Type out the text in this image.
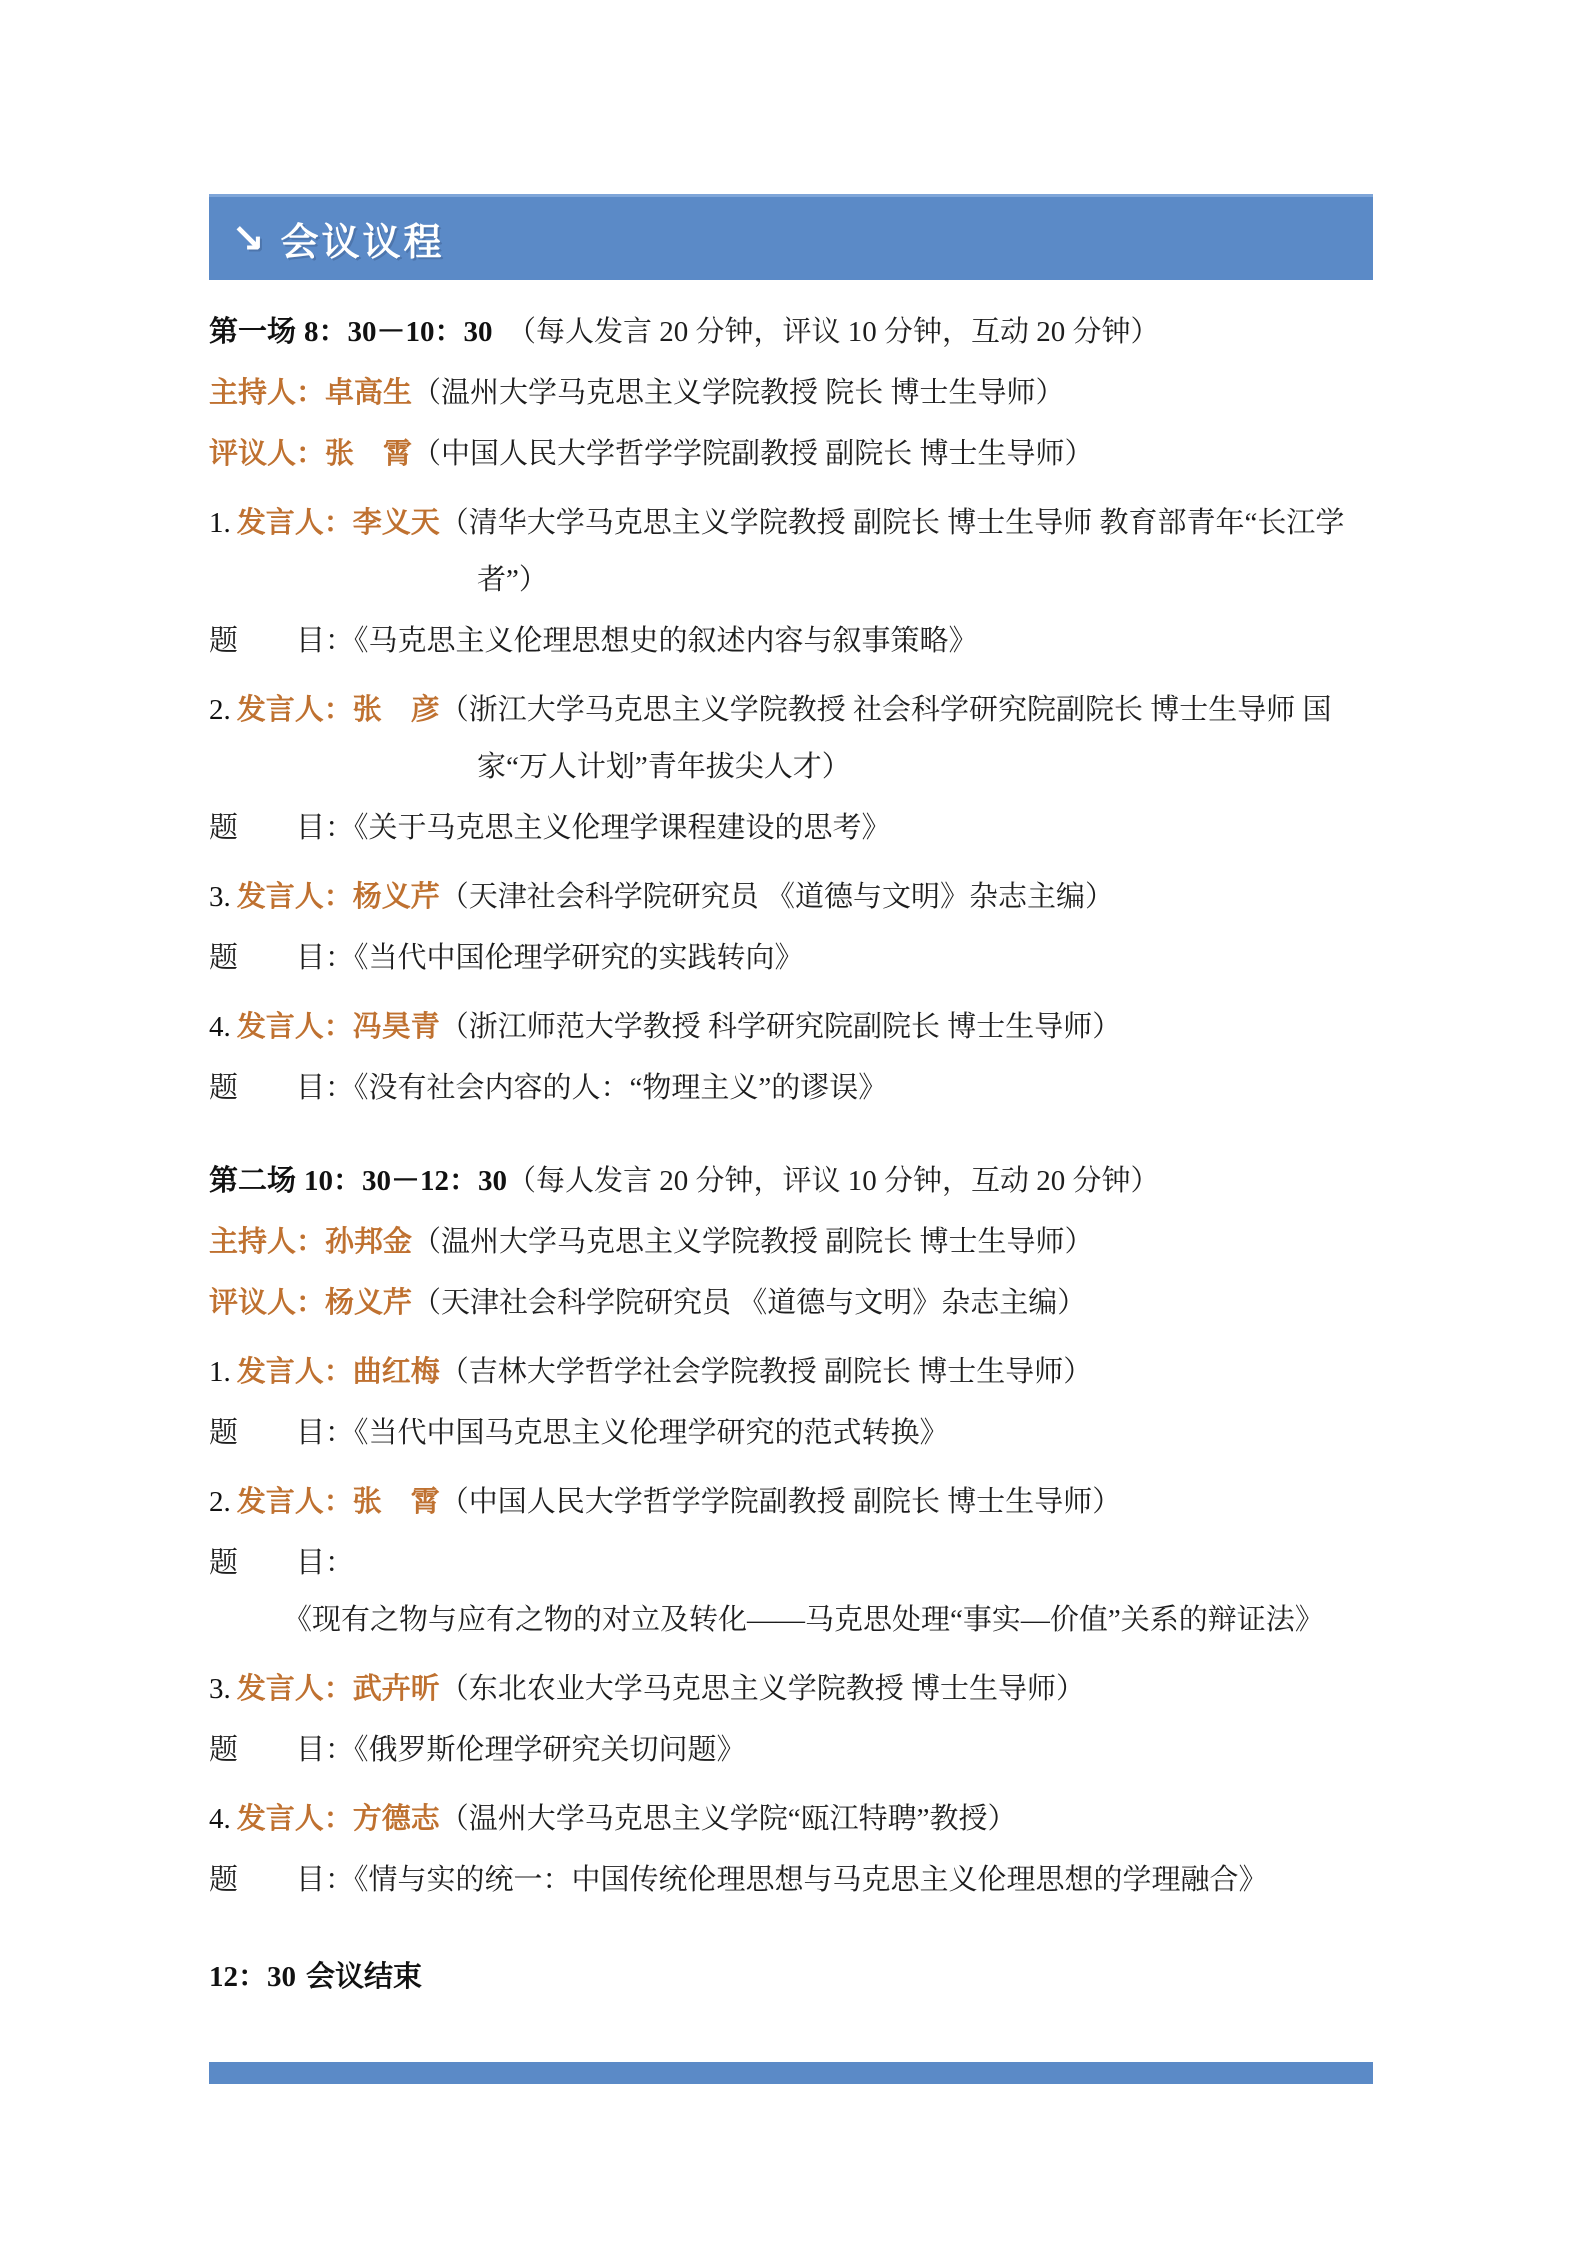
↘ 会议议程

第一场 8：30－10：30　（每人发言 20 分钟，评议 10 分钟，互动 20 分钟）

主持人：卓高生（温州大学马克思主义学院教授 院长 博士生导师）

评议人：张　霄（中国人民大学哲学学院副教授 副院长 博士生导师）

1. 发言人：李义天（清华大学马克思主义学院教授 副院长 博士生导师 教育部青年“长江学者”）

题　　目：《马克思主义伦理思想史的叙述内容与叙事策略》

2. 发言人：张　彦（浙江大学马克思主义学院教授 社会科学研究院副院长 博士生导师 国家“万人计划”青年拔尖人才）

题　　目：《关于马克思主义伦理学课程建设的思考》

3. 发言人：杨义芹（天津社会科学院研究员 《道德与文明》杂志主编）

题　　目：《当代中国伦理学研究的实践转向》

4. 发言人：冯昊青（浙江师范大学教授 科学研究院副院长 博士生导师）

题　　目：《没有社会内容的人：“物理主义”的谬误》

第二场 10：30－12：30（每人发言 20 分钟，评议 10 分钟，互动 20 分钟）

主持人：孙邦金（温州大学马克思主义学院教授 副院长 博士生导师）

评议人：杨义芹（天津社会科学院研究员 《道德与文明》杂志主编）

1. 发言人：曲红梅（吉林大学哲学社会学院教授 副院长 博士生导师）

题　　目：《当代中国马克思主义伦理学研究的范式转换》

2. 发言人：张　霄（中国人民大学哲学学院副教授 副院长 博士生导师）

题　　目：《现有之物与应有之物的对立及转化——马克思处理“事实—价值”关系的辩证法》

3. 发言人：武卉昕（东北农业大学马克思主义学院教授 博士生导师）

题　　目：《俄罗斯伦理学研究关切问题》

4. 发言人：方德志（温州大学马克思主义学院“瓯江特聘”教授）

题　　目：《情与实的统一：中国传统伦理思想与马克思主义伦理思想的学理融合》

12：30 会议结束
